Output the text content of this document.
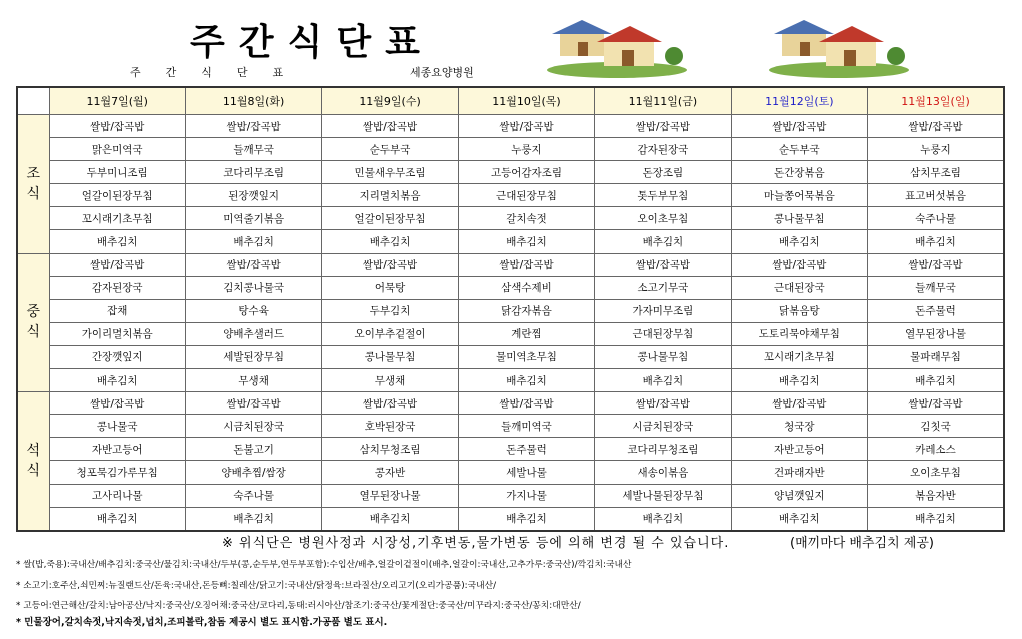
주간식단표
주간식단표	세종요양병원
	11월7일(월)	11월8일(화)	11월9일(수)	11월10일(목)	11월11일(금)	11월12일(토)	11월13일(일)

조
식	쌀밥/잡곡밥	쌀밥/잡곡밥	쌀밥/잡곡밥	쌀밥/잡곡밥	쌀밥/잡곡밥	쌀밥/잡곡밥	쌀밥/잡곡밥
	맑은미역국	들깨무국	순두부국	누룽지	감자된장국	순두부국	누룽지
	두부미니조림	코다리무조림	민물새우무조림	고등어감자조림	돈장조림	돈간장볶음	삼치무조림
	얼갈이된장무침	된장깻잎지	지리멸치볶음	근대된장무침	톳두부무침	마늘쫑어묵볶음	표고버섯볶음
	꼬시래기초무침	미역줄기볶음	얼갈이된장무침	갈치속젓	오이초무침	콩나물무침	숙주나물
	배추김치	배추김치	배추김치	배추김치	배추김치	배추김치	배추김치

중
식	쌀밥/잡곡밥	쌀밥/잡곡밥	쌀밥/잡곡밥	쌀밥/잡곡밥	쌀밥/잡곡밥	쌀밥/잡곡밥	쌀밥/잡곡밥
	감자된장국	김치콩나물국	어묵탕	삼색수제비	소고기무국	근대된장국	들깨무국
	잡채	탕수육	두부김치	닭감자볶음	가자미무조림	닭볶음탕	돈주물럭
	가이리멸치볶음	양배추샐러드	오이부추겉절이	계란찜	근대된장무침	도토리묵야채무침	열무된장나물
	간장깻잎지	세발된장무침	콩나물무침	물미역초무침	콩나물무침	꼬시래기초무침	물파래무침
	배추김치	무생채	무생채	배추김치	배추김치	배추김치	배추김치

석
식	쌀밥/잡곡밥	쌀밥/잡곡밥	쌀밥/잡곡밥	쌀밥/잡곡밥	쌀밥/잡곡밥	쌀밥/잡곡밥	쌀밥/잡곡밥
	콩나물국	시금치된장국	호박된장국	들깨미역국	시금치된장국	청국장	김칫국
	자반고등어	돈불고기	삼치무청조림	돈주물럭	코다리무청조림	자반고등어	카레소스
	청포묵김가루무침	양배추찜/쌈장	콩자반	세발나물	새송이볶음	건파래자반	오이초무침
	고사리나물	숙주나물	열무된장나물	가지나물	세발나물된장무침	양념깻잎지	볶음자반
	배추김치	배추김치	배추김치	배추김치	배추김치	배추김치	배추김치
※ 위식단은 병원사정과 시장성,기후변동,물가변동 등에 의해 변경 될 수 있습니다.	(매끼마다 배추김치 제공)
* 쌀(밥,죽용):국내산/배추김치:중국산/물김치:국내산/두부(콩,순두부,연두부포함):수입산/배추,얼갈이겉절이(배추,얼갈이:국내산,고추가루:중국산)/깍김치:국내산
* 소고기:호주산,쇠민찌:뉴질랜드산/돈육:국내산,돈등뼈:칠레산/닭고기:국내산/닭정육:브라질산/오리고기(오리가공품):국내산/
* 고등어:연근해산/갈치:남아공산/낙지:중국산/오징어채:중국산/코다리,동태:러시아산/참조기:중국산/꽃게절단:중국산/미꾸라지:중국산/꽁치:대만산/
* 민물장어,갈치속젓,낙지속젓,넙치,조피볼락,참돔 제공시 별도 표시함.가공품 별도 표시.
